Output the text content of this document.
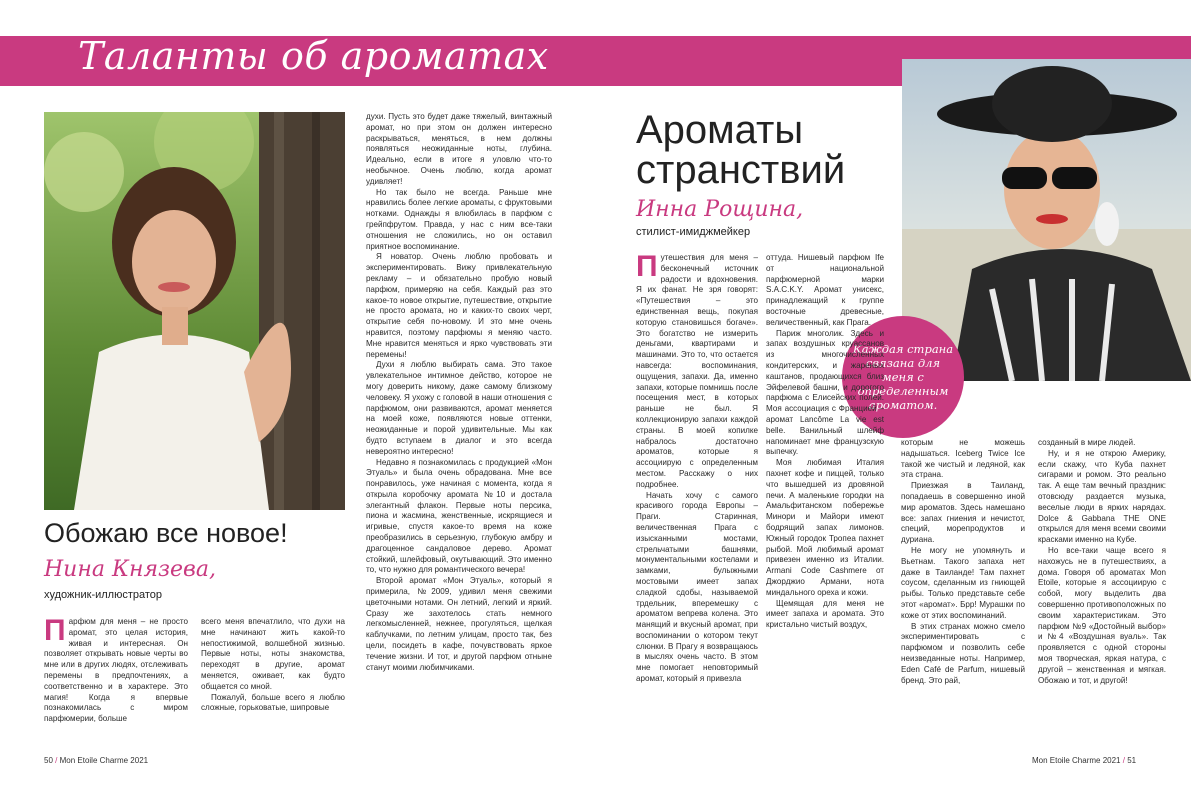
Таланты об ароматах
Обожаю все новое!
Нина Князева,
художник-иллюстратор

Парфюм для меня – не просто аромат, это целая история, живая и интересная. Он позволяет открывать новые черты во мне или в других людях, отслеживать перемены в предпочтениях, а соответственно и в характере. Это магия! Когда я впервые познакомилась с миром парфюмерии, больше

всего меня впечатлило, что духи на мне начинают жить какой-то непостижимой, волшебной жизнью. Первые ноты, ноты знакомства, переходят в другие, аромат меняется, оживает, как будто общается со мной.

Пожалуй, больше всего я люблю сложные, горьковатые, шипровые

духи. Пусть это будет даже тяжелый, винтажный аромат, но при этом он должен интересно раскрываться, меняться, в нем должны появляться неожиданные ноты, глубина. Идеально, если в итоге я уловлю что-то необычное. Очень люблю, когда аромат удивляет!

Но так было не всегда. Раньше мне нравились более легкие ароматы, с фруктовыми нотками. Однажды я влюбилась в парфюм с грейпфрутом. Правда, у нас с ним все-таки отношения не сложились, но он оставил приятное воспоминание.

Я новатор. Очень люблю пробовать и экспериментировать. Вижу привлекательную рекламу – и обязательно пробую новый парфюм, примеряю на себя. Каждый раз это какое-то новое открытие, путешествие, открытие не просто аромата, но и каких-то своих черт, открытие себя по-новому. И это мне очень нравится, поэтому парфюмы я меняю часто. Мне нравится меняться и ярко чувствовать эти перемены!

Духи я люблю выбирать сама. Это такое увлекательное интимное действо, которое не могу доверить никому, даже самому близкому человеку. Я ухожу с головой в наши отношения с парфюмом, они развиваются, аромат меняется на моей коже, появляются новые оттенки, неожиданные и порой удивительные. Мы как будто вступаем в диалог и это всегда невероятно интересно!

Недавно я познакомилась с продукцией «Мон Этуаль» и была очень обрадована. Мне все понравилось, уже начиная с момента, когда я открыла коробочку аромата №10 и достала элегантный флакон. Первые ноты персика, пиона и жасмина, женственные, искрящиеся и игривые, спустя какое-то время на коже преобразились в серьезную, глубокую амбру и драгоценное сандаловое дерево. Аромат стойкий, шлейфовый, окутывающий. Это именно то, что нужно для романтического вечера!

Второй аромат «Мон Этуаль», который я примерила, №2009, удивил меня свежими цветочными нотами. Он летний, легкий и яркий. Сразу же захотелось стать немного легкомысленней, нежнее, прогуляться, щелкая каблучками, по летним улицам, просто так, без цели, посидеть в кафе, почувствовать яркое течение жизни. И тот, и другой парфюм отныне станут моими любимчиками.

Ароматы
странствий
Инна Рощина,
стилист-имиджмейкер
Каждая страна связана для меня с определенным ароматом.

Путешествия для меня – бесконечный источник радости и вдохновения. Я их фанат. Не зря говорят: «Путешествия – это единственная вещь, покупая которую становишься богаче». Это богатство не измерить деньгами, квартирами и машинами. Это то, что остается навсегда: воспоминания, ощущения, запахи. Да, именно запахи, которые помнишь после посещения мест, в которых раньше не был. Я коллекционирую запахи каждой страны. В моей копилке набралось достаточно ароматов, которые я ассоциирую с определенным местом. Расскажу о них подробнее.

Начать хочу с самого красивого города Европы – Праги. Старинная, величественная Прага с изысканными мостами, стрельчатыми башнями, монументальными костелами и замками, булыжными мостовыми имеет запах сладкой сдобы, называемой трдельник, вперемешку с ароматом вепрева колена. Это манящий и вкусный аромат, при воспоминании о котором текут слюнки. В Прагу я возвращаюсь в мыслях очень часто. В этом мне помогает неповторимый аромат, который я привезла

оттуда. Нишевый парфюм Ife от национальной парфюмерной марки S.A.C.K.Y. Аромат унисекс, принадлежащий к группе восточные древесные, величественный, как Прага.

Париж многолик. Здесь и запах воздушных круассанов из многочисленных кондитерских, и жареных каштанов, продающихся близ Эйфелевой башни, и дорогого парфюма с Елисейских полей. Моя ассоциация с Францией – аромат Lancôme La vie est belle. Ванильный шлейф напоминает мне французскую выпечку.

Моя любимая Италия пахнет кофе и пиццей, только что вышедшей из дровяной печи. А маленькие городки на Амальфитанском побережье Минори и Майори имеют бодрящий запах лимонов. Южный городок Тропеа пахнет рыбой. Мой любимый аромат привезен именно из Италии. Armani Code Cashmere от Джорджио Армани, нота миндального ореха и кожи.

Щемящая для меня не имеет запаха и аромата. Это кристально чистый воздух,

которым не можешь надышаться. Iceberg Twice Ice такой же чистый и ледяной, как эта страна.

Приезжая в Таиланд, попадаешь в совершенно иной мир ароматов. Здесь намешано все: запах гниения и нечистот, специй, морепродуктов и дуриана.

Не могу не упомянуть и Вьетнам. Такого запаха нет даже в Таиланде! Там пахнет соусом, сделанным из гниющей рыбы. Только представьте себе этот «аромат». Брр! Мурашки по коже от этих воспоминаний.

В этих странах можно смело экспериментировать с парфюмом и позволить себе неизведанные ноты. Например, Eden Café de Parfum, нишевый бренд. Это рай,

созданный в мире людей.

Ну, и я не открою Америку, если скажу, что Куба пахнет сигарами и ромом. Это реально так. А еще там вечный праздник: отовсюду раздается музыка, веселые люди в ярких нарядах. Dolce & Gabbana THE ONE открылся для меня всеми своими красками именно на Кубе.

Но все-таки чаще всего я нахожусь не в путешествиях, а дома. Говоря об ароматах Mon Etoile, которые я ассоциирую с собой, могу выделить два совершенно противоположных по своим характеристикам. Это парфюм №9 «Достойный выбор» и №4 «Воздушная вуаль». Так проявляется с одной стороны моя творческая, яркая натура, с другой – женственная и мягкая. Обожаю и тот, и другой!

50 / Mon Etoile Charme 2021	Mon Etoile Charme 2021 / 51
